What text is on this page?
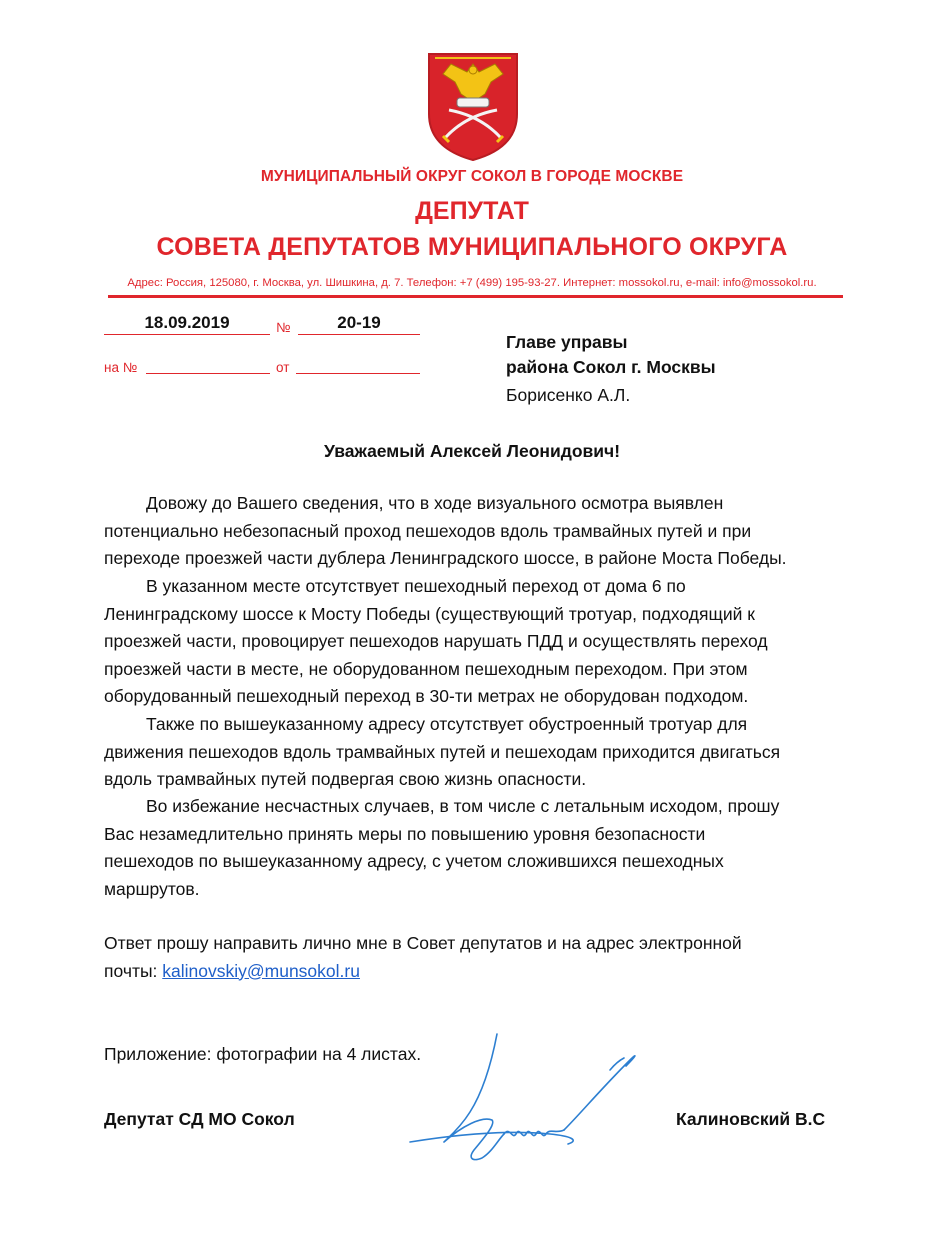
МУНИЦИПАЛЬНЫЙ ОКРУГ СОКОЛ В ГОРОДЕ МОСКВЕ
ДЕПУТАТ
СОВЕТА ДЕПУТАТОВ МУНИЦИПАЛЬНОГО ОКРУГА
Адрес: Россия, 125080, г. Москва, ул. Шишкина, д. 7. Телефон: +7 (499) 195-93-27. Интернет: mossokol.ru, e-mail: info@mossokol.ru.
18.09.2019	№	20-19
на №	от
Главе управы
района Сокол г. Москвы
Борисенко А.Л.
Уважаемый Алексей Леонидович!
Довожу до Вашего сведения, что в ходе визуального осмотра выявлен
потенциально небезопасный проход пешеходов вдоль трамвайных путей и при
переходе проезжей части дублера Ленинградского шоссе, в районе Моста Победы.
В указанном месте отсутствует пешеходный переход от дома 6 по
Ленинградскому шоссе к Мосту Победы (существующий тротуар, подходящий к
проезжей части, провоцирует пешеходов нарушать ПДД и осуществлять переход
проезжей части в месте, не оборудованном пешеходным переходом. При этом
оборудованный пешеходный переход в 30-ти метрах не оборудован подходом.
Также по вышеуказанному адресу отсутствует обустроенный тротуар для
движения пешеходов вдоль трамвайных путей и пешеходам приходится двигаться
вдоль трамвайных путей подвергая свою жизнь опасности.
Во избежание несчастных случаев, в том числе с летальным исходом, прошу
Вас незамедлительно принять меры по повышению уровня безопасности
пешеходов по вышеуказанному адресу, с учетом сложившихся пешеходных
маршрутов.
Ответ прошу направить лично мне в Совет депутатов и на адрес электронной
почты: kalinovskiy@munsokol.ru
Приложение: фотографии на 4 листах.
Депутат СД МО Сокол	Калиновский В.С
